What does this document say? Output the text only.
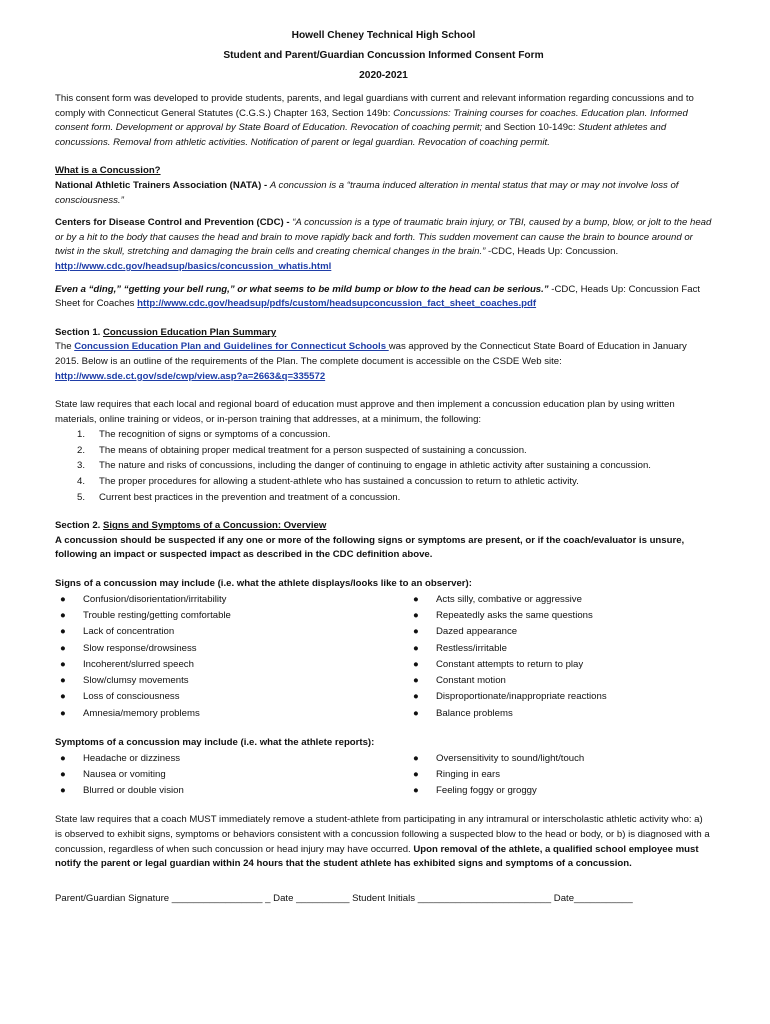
Howell Cheney Technical High School
Student and Parent/Guardian Concussion Informed Consent Form
2020-2021

This consent form was developed to provide students, parents, and legal guardians with current and relevant information regarding concussions and to comply with Connecticut General Statutes (C.G.S.) Chapter 163, Section 149b: Concussions: Training courses for coaches. Education plan. Informed consent form. Development or approval by State Board of Education. Revocation of coaching permit; and Section 10-149c: Student athletes and concussions. Removal from athletic activities. Notification of parent or legal guardian. Revocation of coaching permit.

What is a Concussion?

National Athletic Trainers Association (NATA) - A concussion is a “trauma induced alteration in mental status that may or may not involve loss of consciousness.”

Centers for Disease Control and Prevention (CDC) - “A concussion is a type of traumatic brain injury, or TBI, caused by a bump, blow, or jolt to the head or by a hit to the body that causes the head and brain to move rapidly back and forth. This sudden movement can cause the brain to bounce around or twist in the skull, stretching and damaging the brain cells and creating chemical changes in the brain.” -CDC, Heads Up: Concussion. http://www.cdc.gov/headsup/basics/concussion_whatis.html

Even a “ding,” “getting your bell rung,” or what seems to be mild bump or blow to the head can be serious.” -CDC, Heads Up: Concussion Fact Sheet for Coaches http://www.cdc.gov/headsup/pdfs/custom/headsupconcussion_fact_sheet_coaches.pdf

Section 1. Concussion Education Plan Summary

The Concussion Education Plan and Guidelines for Connecticut Schools was approved by the Connecticut State Board of Education in January 2015. Below is an outline of the requirements of the Plan. The complete document is accessible on the CSDE Web site: http://www.sde.ct.gov/sde/cwp/view.asp?a=2663&q=335572

State law requires that each local and regional board of education must approve and then implement a concussion education plan by using written materials, online training or videos, or in-person training that addresses, at a minimum, the following:

1.	The recognition of signs or symptoms of a concussion.
2.	The means of obtaining proper medical treatment for a person suspected of sustaining a concussion.
3.	The nature and risks of concussions, including the danger of continuing to engage in athletic activity after sustaining a concussion.
4.	The proper procedures for allowing a student-athlete who has sustained a concussion to return to athletic activity.
5.	Current best practices in the prevention and treatment of a concussion.

Section 2. Signs and Symptoms of a Concussion: Overview

A concussion should be suspected if any one or more of the following signs or symptoms are present, or if the coach/evaluator is unsure, following an impact or suspected impact as described in the CDC definition above.

Signs of a concussion may include (i.e. what the athlete displays/looks like to an observer):

● Confusion/disorientation/irritability
● Trouble resting/getting comfortable
● Lack of concentration
● Slow response/drowsiness
● Incoherent/slurred speech
● Slow/clumsy movements
● Loss of consciousness
● Amnesia/memory problems
● Acts silly, combative or aggressive
● Repeatedly asks the same questions
● Dazed appearance
● Restless/irritable
● Constant attempts to return to play
● Constant motion
● Disproportionate/inappropriate reactions
● Balance problems

Symptoms of a concussion may include (i.e. what the athlete reports):

● Headache or dizziness
● Nausea or vomiting
● Blurred or double vision
● Oversensitivity to sound/light/touch
● Ringing in ears
● Feeling foggy or groggy

State law requires that a coach MUST immediately remove a student-athlete from participating in any intramural or interscholastic athletic activity who: a) is observed to exhibit signs, symptoms or behaviors consistent with a concussion following a suspected blow to the head or body, or b) is diagnosed with a concussion, regardless of when such concussion or head injury may have occurred. Upon removal of the athlete, a qualified school employee must notify the parent or legal guardian within 24 hours that the student athlete has exhibited signs and symptoms of a concussion.

Parent/Guardian Signature _________________ _ Date __________ Student Initials _________________________ Date___________
